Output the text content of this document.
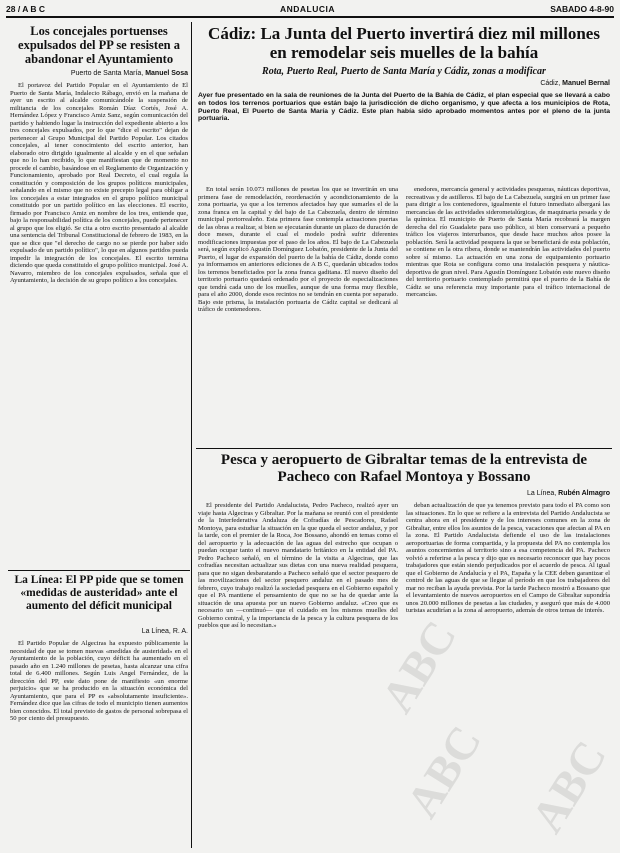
28 / A B C	ANDALUCIA	SABADO 4-8-90
Los concejales portuenses expulsados del PP se resisten a abandonar el Ayuntamiento
Puerto de Santa María, Manuel Sosa

El portavoz del Partido Popular en el Ayuntamiento de El Puerto de Santa María, Indalecio Rábago, envió en la mañana de ayer un escrito al alcalde comunicándole la suspensión de militancia de los concejales Román Díaz Cortés, José A. Hernández López y Francisco Amiz Sanz, según comunicación del partido y habiendo lugar la instrucción del expediente abierto a los tres concejales expulsados, por lo que "dice el escrito" dejan de pertenecer al Grupo Municipal del Partido Popular. Los citados concejales, al tener conocimiento del escrito anterior, han elaborado otro dirigido igualmente al alcalde y en el que señalan que no lo han recibido, lo que manifiestan que de momento no procede el cambio, basándose en el Reglamento de Organización y Funcionamiento, aprobado por Real Decreto, el cual regula la constitución y composición de los grupos políticos municipales, señalando en el mismo que no existe precepto legal para obligar a los concejales a estar integrados en el grupo político municipal constituido por un partido político en las elecciones. El escrito, firmado por Francisco Amiz en nombre de los tres, entiende que, bajo la responsabilidad política de los concejales, puede pertenecer al grupo que los eligió. Se cita a otro escrito presentado al alcalde una sentencia del Tribunal Constitucional de febrero de 1983, en la que se dice que "el derecho de cargo no se pierde por haber sido expulsado de un partido político", lo que en algunos partidos pueda impedir la integración de los concejales. El escrito termina diciendo que queda constituido el grupo político municipal. José A. Navarro, miembro de los concejales expulsados, señala que el Ayuntamiento, la decisión de su grupo político a los concejales.

La Línea: El PP pide que se tomen «medidas de austeridad» ante el aumento del déficit municipal
La Línea, R. A.

El Partido Popular de Algeciras ha expuesto públicamente la necesidad de que se tomen nuevas «medidas de austeridad» en el Ayuntamiento de la población, cuyo déficit ha aumentado en el pasado año en 1.240 millones de pesetas, hasta alcanzar una cifra total de 6.400 millones. Según Luis Angel Fernández, de la dirección del PP, este dato pone de manifiesto «un enorme perjuicio» que se ha producido en la situación económica del Ayuntamiento, que para el PP es «absolutamente insuficiente». Fernández dice que las cifras de todo el municipio tienen aumentos bien conocidos. El total previsto de gastos de personal sobrepasa el 50 por ciento del presupuesto.

Cádiz: La Junta del Puerto invertirá diez mil millones en remodelar seis muelles de la bahía
Rota, Puerto Real, Puerto de Santa María y Cádiz, zonas a modificar
Cádiz, Manuel Bernal
Ayer fue presentado en la sala de reuniones de la Junta del Puerto de la Bahía de Cádiz, el plan especial que se llevará a cabo en todos los terrenos portuarios que están bajo la jurisdicción de dicho organismo, y que afecta a los municipios de Rota, Puerto Real, El Puerto de Santa María y Cádiz. Este plan había sido aprobado momentos antes por el pleno de la junta portuaria.

En total serán 10.073 millones de pesetas los que se invertirán en una primera fase de remodelación, reordenación y acondicionamiento de la zona portuaria, ya que a los terrenos afectados hay que sumarles el de la zona franca en la capital y del bajo de La Cabezuela, dentro de término municipal portorrealeño. Esta primera fase contempla actuaciones puertas de las obras a realizar, si bien se ejecutarán durante un plazo de duración de doce meses, durante el cual el modelo podrá sufrir diferentes modificaciones impuestas por el paso de los años. El bajo de La Cabezuela será, según explicó Agustín Domínguez Lobatón, presidente de la Junta del Puerto, el lugar de expansión del puerto de la bahía de Cádiz, donde como ya informamos en anteriores ediciones de A B C, quedarán ubicados todos los terrenos beneficiados por la zona franca gaditana. El nuevo diseño del territorio portuario quedará ordenado por el proyecto de especializaciones que tendrá cada uno de los muelles, aunque de una forma muy flexible, para el año 2000, donde esos recintos no se tendrán en cuenta por separado. Bajo este prisma, la instalación portuaria de Cádiz capital se dedicará al tráfico de contenedores.

enedores, mercancía general y actividades pesqueras, náuticas deportivas, recreativas y de astilleros. El bajo de La Cabezuela, surgirá en un primer fase para dirigir a los contenedores, igualmente el futuro inmediato albergará las mercancías de las actividades siderometalúrgicas, de maquinaria pesada y de la química. El municipio de Puerto de Santa María recobrará la margen derecha del río Guadalete para uso público, si bien conservará a pequeño tráfico los viajeros interurbanos, que desde hace muchos años posee la población. Será la actividad pesquera la que se beneficiará de esta población, se contiene en la otra ribera, donde se mantendrán las actividades del puerto sobre sí mismo. La actuación en una zona de equipamiento portuario mientras que Rota se configura como una instalación pesquera y náutica-deportiva de gran nivel. Para Agustín Domínguez Lobatón este nuevo diseño del territorio portuario contemplado permitirá que el puerto de la Bahía de Cádiz se una referencia muy importante para el tráfico internacional de mercancías.

Pesca y aeropuerto de Gibraltar temas de la entrevista de Pacheco con Rafael Montoya y Bossano
La Línea, Rubén Almagro

El presidente del Partido Andalucista, Pedro Pacheco, realizó ayer un viaje hasta Algeciras y Gibraltar. Por la mañana se reunió con el presidente de la Interfederativa Andaluza de Cofradías de Pescadores, Rafael Montoya, para estudiar la situación en la que queda el sector andaluz, y por la tarde, con el premier de la Roca, Joe Bossano, ahondó en temas como el del aeropuerto y la adecuación de las aguas del estrecho que ocupan o puedan ocupar tanto el nuevo mandatario británico en la entidad del PA. Pedro Pacheco señaló, en el término de la visita a Algeciras, que las cofradías necesitan actualizar sus dietas con una nueva realidad pesquera, para que no sigan desbaratando a Pacheco señaló que el sector pesquero de las movilizaciones del sector pesquero andaluz en el pasado mes de febrero, cuyo trabajo realizó la sociedad pesquera en el Gobierno español y que el PA mantiene el pensamiento de que no se ha de quedar ante la situación de una apuesta por un nuevo Gobierno andaluz. «Creo que es necesario un —continuó— que el cuidado en los mismos muelles del Gobierno central, y la importancia de la pesca y la cultura pesquera de los pueblos que así lo necesitan.»

deban actualización de que ya tenemos previsto para todo el PA como son las situaciones. En lo que se refiere a la entrevista del Partido Andalucista se centra ahora en el presidente y de los intereses comunes en la zona de Gibraltar, entre ellos los asuntos de la pesca, vacaciones que afectan al PA en la zona. El Partido Andalucista defiende el uso de las instalaciones aeroportuarias de forma compartida, y la propuesta del PA no contempla los asuntos concernientes al territorio sino a esa competencia del PA. Pacheco volvió a referirse a la pesca y dijo que es necesario reconocer que hay pocos trabajadores que están siendo perjudicados por el acuerdo de pesca. Al igual que el Gobierno de Andalucía y el PA, España y la CEE deben garantizar el control de las aguas de que se llegue al período en que los trabajadores del mar no reciban la ayuda prevista. Por la tarde Pacheco mostró a Bossano que el levantamiento de nuevos aeropuertos en el Campo de Gibraltar supondría unos 20.000 millones de pesetas a las ciudades, y aseguró que más de 4.000 turistas acudirían a la zona al aeropuerto, además de otros temas de interés.

ABC ABC
ABC
